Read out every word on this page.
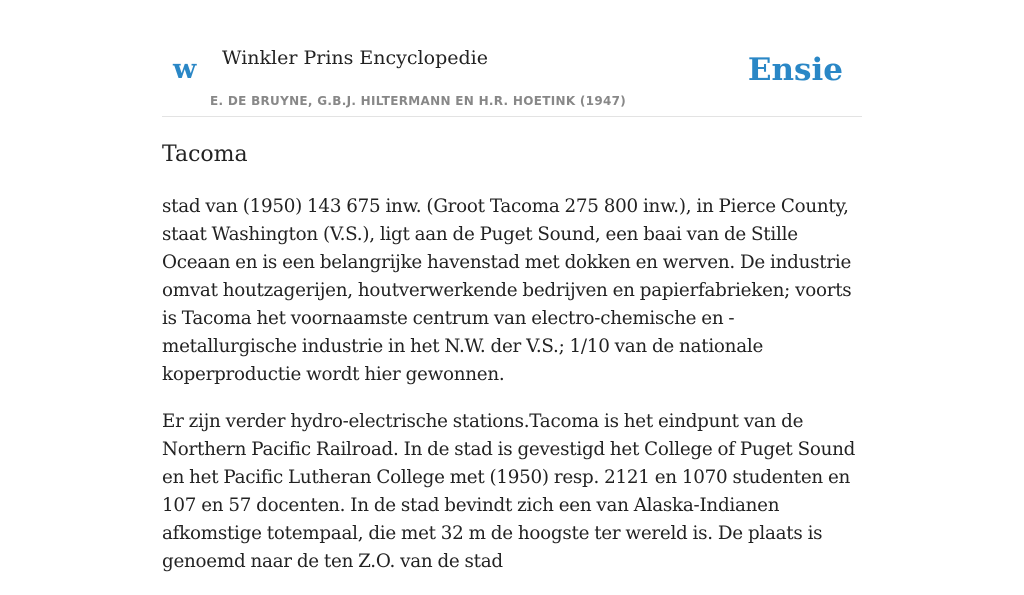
w Winkler Prins Encyclopedie
E. DE BRUYNE, G.B.J. HILTERMANN EN H.R. HOETINK (1947)
Ensie
Tacoma

stad van (1950) 143 675 inw. (Groot Tacoma 275 800 inw.), in Pierce County, staat Washington (V.S.), ligt aan de Puget Sound, een baai van de Stille Oceaan en is een belangrijke havenstad met dokken en werven. De industrie omvat houtzagerijen, houtverwerkende bedrijven en papierfabrieken; voorts is Tacoma het voornaamste centrum van electro-chemische en -metallurgische industrie in het N.W. der V.S.; 1/10 van de nationale koperproductie wordt hier gewonnen.

Er zijn verder hydro-electrische stations.Tacoma is het eindpunt van de Northern Pacific Railroad. In de stad is gevestigd het College of Puget Sound en het Pacific Lutheran College met (1950) resp. 2121 en 1070 studenten en 107 en 57 docenten. In de stad bevindt zich een van Alaska-Indianen afkomstige totempaal, die met 32 m de hoogste ter wereld is. De plaats is genoemd naar de ten Z.O. van de stad
